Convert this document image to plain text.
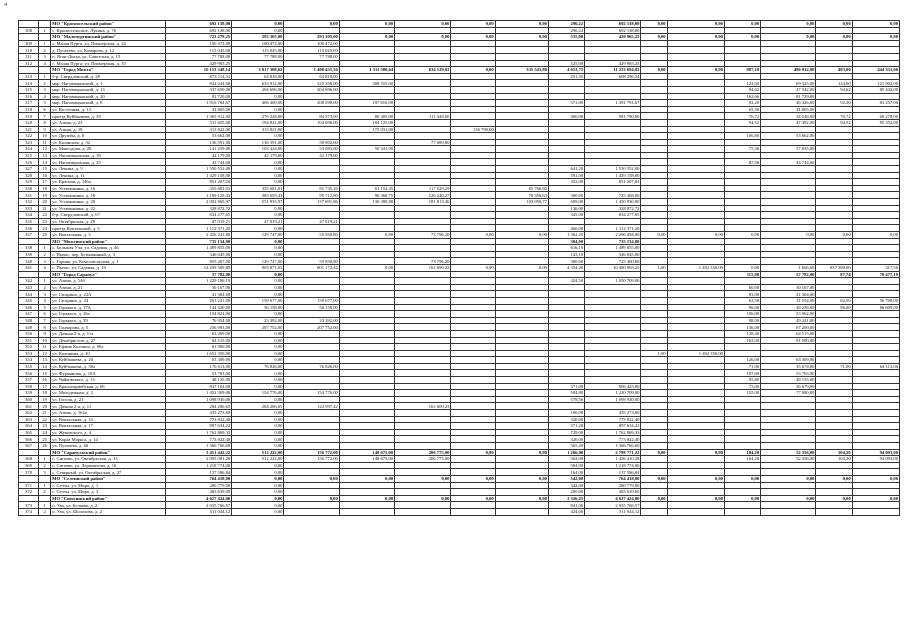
"
		МО "Красносельский район"	692 138,00	0,00	0,00	0,00	0,00	0,00	0,00	296,22	692 138,00	0,00	0,00	0,00	0,00	0,00	0,00
308	1	с. Красносельское, Лукина, д. 76	692 138,00	0,00						296,22	692 138,00						
		МО "Малопургинский район"	723 279,25	293 305,00	293 305,00	0,00	0,00	0,00	0,00	535,00	429 965,25	0,00	0,00	0,00	0,00	0,00	0,00
309	1	с. Малая Пурга, ул. Пионерская, д. 24	100 472,00	100 472,00	100 472,00												
310	2	д. Пугачево, ул. Комарова, д. 12	115 045,00	115 045,00	115 045,00												
311	3	п. Яган-Докья, ул. Советская, д. 15	77 788,00	77 788,00	77 788,00												
312	4	с. Малая Пурга, ул. Пионерская, д. 35	429 965,25							525,00	429 965,25						
		МО "Город Можга"	16 153 348,14	3 917 308,62	1 406 455,56	1 311 580,64	634 129,02	0,00	335 543,80	4 653,75	11 253 694,82	0,00	0,00	987,18	496 012,00	493,00	444 331,00
313	1	б-р. Свердловский, д. 28	673 114,54	64 818,00	64 818,00					251,55	608 296,54						
314	2	мкр. Наговицынский, д. 1	822 244,00	633 912,00	325 358,00	308 555,00								124,00	69 325,00	124,00	121 902,00
315	3	мкр. Наговицынский, д. 13	337 650,00	204 696,00	204 696,00									94,62	47 542,00	94,62	85 442,00
316	4	мкр. Наговицынский, д. 20	81 729,00	0,00										162,66	81 729,00		
317	5	мкр. Наговицынский, д. 8	1 916 784,67	406 400,00	208 590,00	197 810,00				571,00	1 391 791,67			92,20	46 326,00	92,20	83 257,00
318	6	ул. Восточная, д. 13	31 805,00	0,00										65,30	31 805,00		
319	7	проезд Куйбышева, д. 39	1 365 912,00	276 228,00	84 573,00	80 305,00	111 348,00			406,00	981 790,00			76,72	34 548,00	76,72	69 278,00
320	8	ул. Азина, д. 23	531 605,00	194 821,00	104 696,00	194 125,00								94,52	47 492,00	94,52	85 352,00
321	9	ул. Азина, д. 18	313 822,00	313 821,00		175 031,00		136 790,00									
322	10	ул. Дружбы, д. 8	53 662,00	0,00										106,80	53 662,00		
323	11	ул. Казанская, д. 32	136 591,00	136 591,00	58 902,00		77 689,00										
324	12	ул. Максудова, д. 28	141 259,00	103 424,00	53 083,00	50 341,00								75,36	37 835,00		
325	13	ул. Наговицынская, д. 39	42 179,00	42 179,00	42 179,00												
326	14	ул. Наговицынская, д. 25	43 744,00	0,00										87,06	43 744,00		
327	15	ул. Ленина, д. 9	1 550 552,00	0,00						641,20	1 550 552,00						
328	16	ул. Ленина, д. 11	1 429 158,00	0,00						591,00	1 429 158,00						
329	17	ул. Красная, д. 146а	851 207,04	0,00						352,00	851 207,04						
330	18	ул. Устюжанина, д. 16	355 681,01	355 681,01	81 735,29	61 154,45	117 029,29		65 766,60								
331	19	ул. Устюжанина, д. 18	1 109 129,43	383 659,43	95 712,80	90 360,75	126 240,27		70 356,63	300,00	725 468,00						
332	20	ул. Устюжанина, д. 20	2 002 865,97	551 935,97	137 691,86	130 380,88	181 813,46		103 050,77	609,00	1 450 930,00						
333	21	ул. Устюжанина, д. 22	328 872,72	0,00						136,00	328 872,72						
334	22	б-р. Свердловский, д. 67	834 277,65	0,00						345,00	834 277,65						
335	23	ул. Октябрьская, д. 29	47 019,21	47 019,21	47 019,21												
336	24	проезд Вокзальный, д. 5	1 112 371,20	0,00						460,00	1 112 371,20						
337	25	ул. Вокзальная, д. 3	2 426 241,80	129 747,00	55 950,80	0,00	73 796,20	0,00	0,00	1 362,25	2 296 494,00	0,00	0,00	0,00	0,00	0,00	0,00
		МО "Можгинский район"	735 134,00	0,00						304,00	735 134,00						
338	1	с. Большая Уча, ул. Садовая, д. 46	1 489 855,00	0,00						616,10	1 489 855,00						
339	2	с. Пычас, пер. Безымянный, д. 3	346 045,00	0,00						143,10	346 045,00						
340	3	с. Горняк, ул. Комсомольская, д. 1	855 207,00	129 747,00	55 950,80		73 796,20			300,00	725 460,00						
341	4	с. Пычас, ул. Садовая, д. 19	14 259 509,89	903 871,05	801 172,42	0,00	161 699,23	0,00	0,00	4 334,20	10 480 965,25	1,00	1 492 350,00	0,00	1 666,60	837 390,00	317,56
		МО "Город Сарапул"	57 782,00	0,00										115,00	57 782,00	87,74	78 477,19
342	1	ул. Азина, д. 14б	1 229 186,19	0,00						424,50	1 050 709,00						
343	2	ул. Азина, д. 21	30 167,00	0,00										60,00	30 167,00		
344	3	ул. Гагарина, д. 22А	41 304,00	0,00										83,00	41 304,00		
345	4	ул. Гагарина, д. 34	201 241,00	159 677,00	159 677,00									62,50	31 554,00	62,50	56 708,00
346	5	ул. Горького, д. 17А	144 420,00	56 158,00	56 158,00									96,00	48 236,00	96,00	86 609,00
347	6	ул. Горького, д. 26а	134 824,00	0,00										106,00	53 962,00		
348	7	ул. Горького, д. 39	76 954,00	23 392,00	23 392,00									98,00	49 241,00		
349	8	ул. Гончарова, д. 5	256 993,00	207 752,00	207 752,00									136,00	67 269,00		
350	9	ул. Дачная 2-я, д. 11а	63 269,00	0,00										128,40	64 515,00		
351	10	ул. Декабристов, д. 27	64 515,00	0,00										163,00	81 900,00		
352	11	ул. Ефима Колчина, д. 90а	81 960,00	0,00													
353	12	ул. Калинина, д. 10	1 652 350,00	0,00								1,00	1 492 350,00				
354	13	ул. Куйбышева, д. 20	63 309,00	0,00										126,00	63 309,00		
355	14	ул. Куйбышева, д. 30а	176 613,00	76 826,00	76 826,00									71,00	35 674,00	71,00	64 113,00
356	15	ул. Фурманова, д. 10А	53 763,00	0,00										107,00	53 763,00		
357	16	ул. Чайковского, д. 13	48 135,00	0,00										95,80	48 135,00		
358	17	ул. Красноармейская, д. 66	837 104,00	0,00						371,00	806 425,00			73,00	36 679,00		
359	18	ул. Молодежная, д. 2	1 452 309,00	154 776,00	154 776,00					504,80	1 220 709,00			155,00	77 080,00		
360	19	ул. Гоголя, д. 21	1 098 930,00	0,00						578,56	1 098 930,00						
361	20	ул. Дачная 2-я, д. 11	284 206,65	284 206,65	122 597,42		161 609,23										
362	21	ул. Азина, д. 162а	435 273,60	0,00						180,00	435 273,60						
363	22	ул. Вокзальная, д. 14	773 822,40	0,00						320,00	773 822,40						
364	23	ул. Вокзальная, д. 17	897 634,22	0,00						371,20	897 634,22						
365	24	ул. Жуковского, д. 4	1 762 869,33	0,00						729,00	1 762 869,33						
366	25	ул. Карла Маркса, д. 14	773 822,40	0,00						320,00	773 822,40						
367	26	ул. Пугачева, д. 66	1 366 766,60	0,00						565,20	1 366 766,60						
		МО "Сарапульский район"	3 451 442,22	512 222,00	156 772,00	148 675,00	206 775,00	0,00	0,00	1 266,00	2 798 771,22	0,00	0,00	104,20	52 356,00	104,20	94 093,00
368	1	с. Сигаево, ул. Октябрьская, д. 13	2 095 081,28	512 222,00	156 772,00	148 675,00	206 775,00			504,00	1 436 410,28			104,20	52 356,00	104,20	94 093,00
369	2	с. Сигаево, ул. Лермонтова, д. 16	1 218 774,00	0,00						504,00	1 218 774,00						
370	3	с. Северный, ул. Октябрьская, д. 27	137 586,84	0,00						164,00	137 586,84						
		МО "Селтинский район"	764 418,00	0,00	0,00	0,00	0,00	0,00	0,00	542,00	764 418,00	0,00	0,00	0,00	0,00	0,00	0,00
371	1	с. Селты, ул. Мира, д. 1	280 779,00	0,00						342,00	280 779,00						
372	2	с. Селты, ул. Мира, д. 3	483 639,00	0,00						200,00	483 639,00						
		МО "Сюмсинский район"	4 627 424,00	0,00	0,00	0,00	0,00	0,00	0,00	2 326,25	4 627 424,00	0,00	0,00	0,00	0,00	0,00	0,00
373	1	п. Ува, ул. Беляева, д. 2	2 035 766,57	0,00						841,00	2 035 766,57						
374	2	п. Ува, ул. Шолохова, д. 2	511 044,12	0,00						424,00	511 044,12						
